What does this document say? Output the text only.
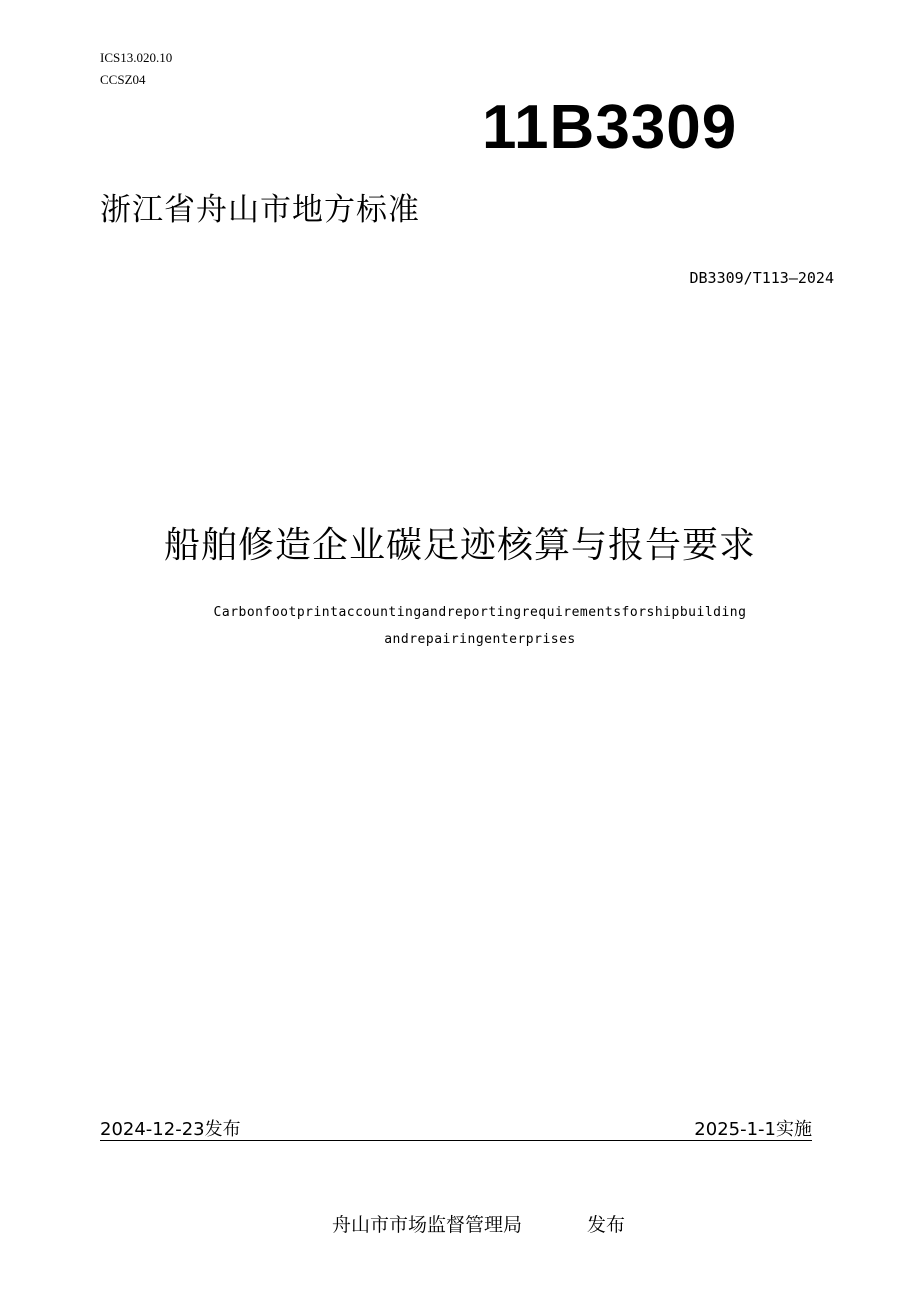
ICS13.020.10
CCSZ04
11B3309
浙江省舟山市地方标准
DB3309/T113—2024
船舶修造企业碳足迹核算与报告要求
Carbonfootprintaccountingandreportingrequirementsforshipbuilding
andrepairingenterprises
2024-12-23发布	2025-1-1实施
舟山市市场监督管理局	发布
